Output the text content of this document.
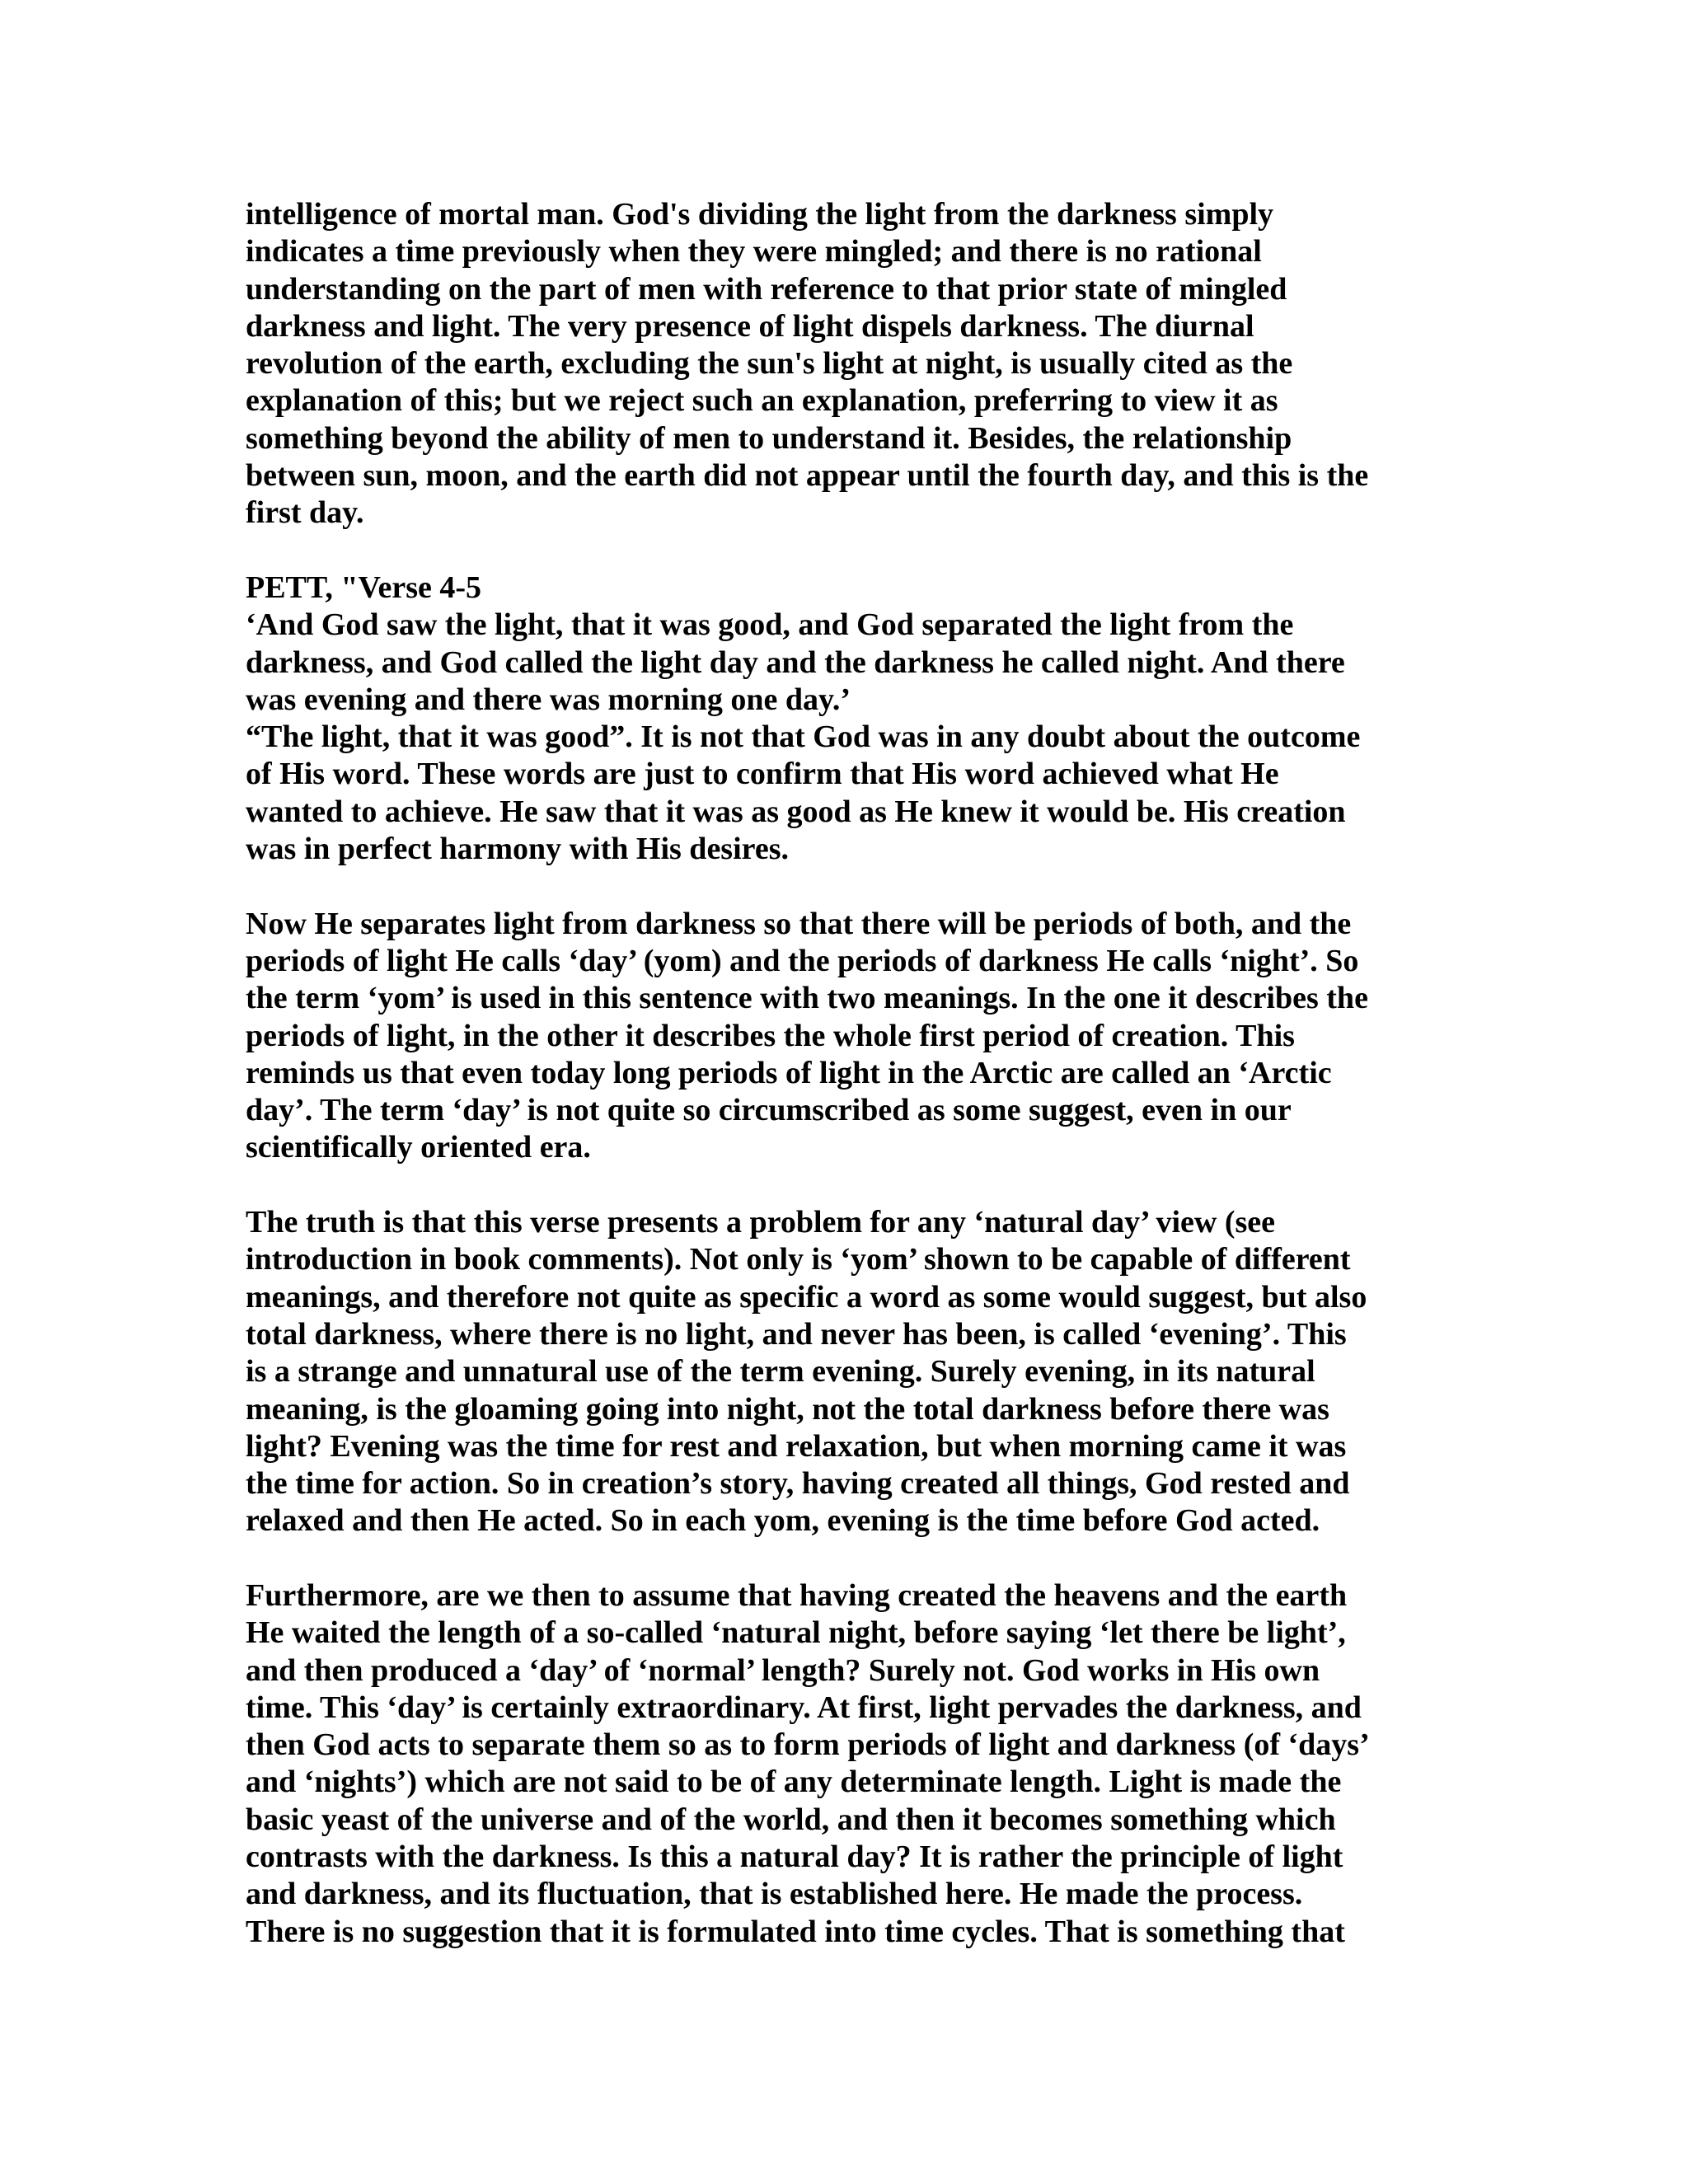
intelligence of mortal man. God's dividing the light from the darkness simply
indicates a time previously when they were mingled; and there is no rational
understanding on the part of men with reference to that prior state of mingled
darkness and light. The very presence of light dispels darkness. The diurnal
revolution of the earth, excluding the sun's light at night, is usually cited as the
explanation of this; but we reject such an explanation, preferring to view it as
something beyond the ability of men to understand it. Besides, the relationship
between sun, moon, and the earth did not appear until the fourth day, and this is the
first day.

PETT, "Verse 4-5

‘And God saw the light, that it was good, and God separated the light from the
darkness, and God called the light day and the darkness he called night. And there
was evening and there was morning one day.’

“The light, that it was good”. It is not that God was in any doubt about the outcome
of His word. These words are just to confirm that His word achieved what He
wanted to achieve. He saw that it was as good as He knew it would be. His creation
was in perfect harmony with His desires.

Now He separates light from darkness so that there will be periods of both, and the
periods of light He calls ‘day’ (yom) and the periods of darkness He calls ‘night’. So
the term ‘yom’ is used in this sentence with two meanings. In the one it describes the
periods of light, in the other it describes the whole first period of creation. This
reminds us that even today long periods of light in the Arctic are called an ‘Arctic
day’. The term ‘day’ is not quite so circumscribed as some suggest, even in our
scientifically oriented era.

The truth is that this verse presents a problem for any ‘natural day’ view (see
introduction in book comments). Not only is ‘yom’ shown to be capable of different
meanings, and therefore not quite as specific a word as some would suggest, but also
total darkness, where there is no light, and never has been, is called ‘evening’. This
is a strange and unnatural use of the term evening. Surely evening, in its natural
meaning, is the gloaming going into night, not the total darkness before there was
light? Evening was the time for rest and relaxation, but when morning came it was
the time for action. So in creation’s story, having created all things, God rested and
relaxed and then He acted. So in each yom, evening is the time before God acted.

Furthermore, are we then to assume that having created the heavens and the earth
He waited the length of a so-called ‘natural night, before saying ‘let there be light’,
and then produced a ‘day’ of ‘normal’ length? Surely not. God works in His own
time. This ‘day’ is certainly extraordinary. At first, light pervades the darkness, and
then God acts to separate them so as to form periods of light and darkness (of ‘days’
and ‘nights’) which are not said to be of any determinate length. Light is made the
basic yeast of the universe and of the world, and then it becomes something which
contrasts with the darkness. Is this a natural day? It is rather the principle of light
and darkness, and its fluctuation, that is established here. He made the process.
There is no suggestion that it is formulated into time cycles. That is something that
